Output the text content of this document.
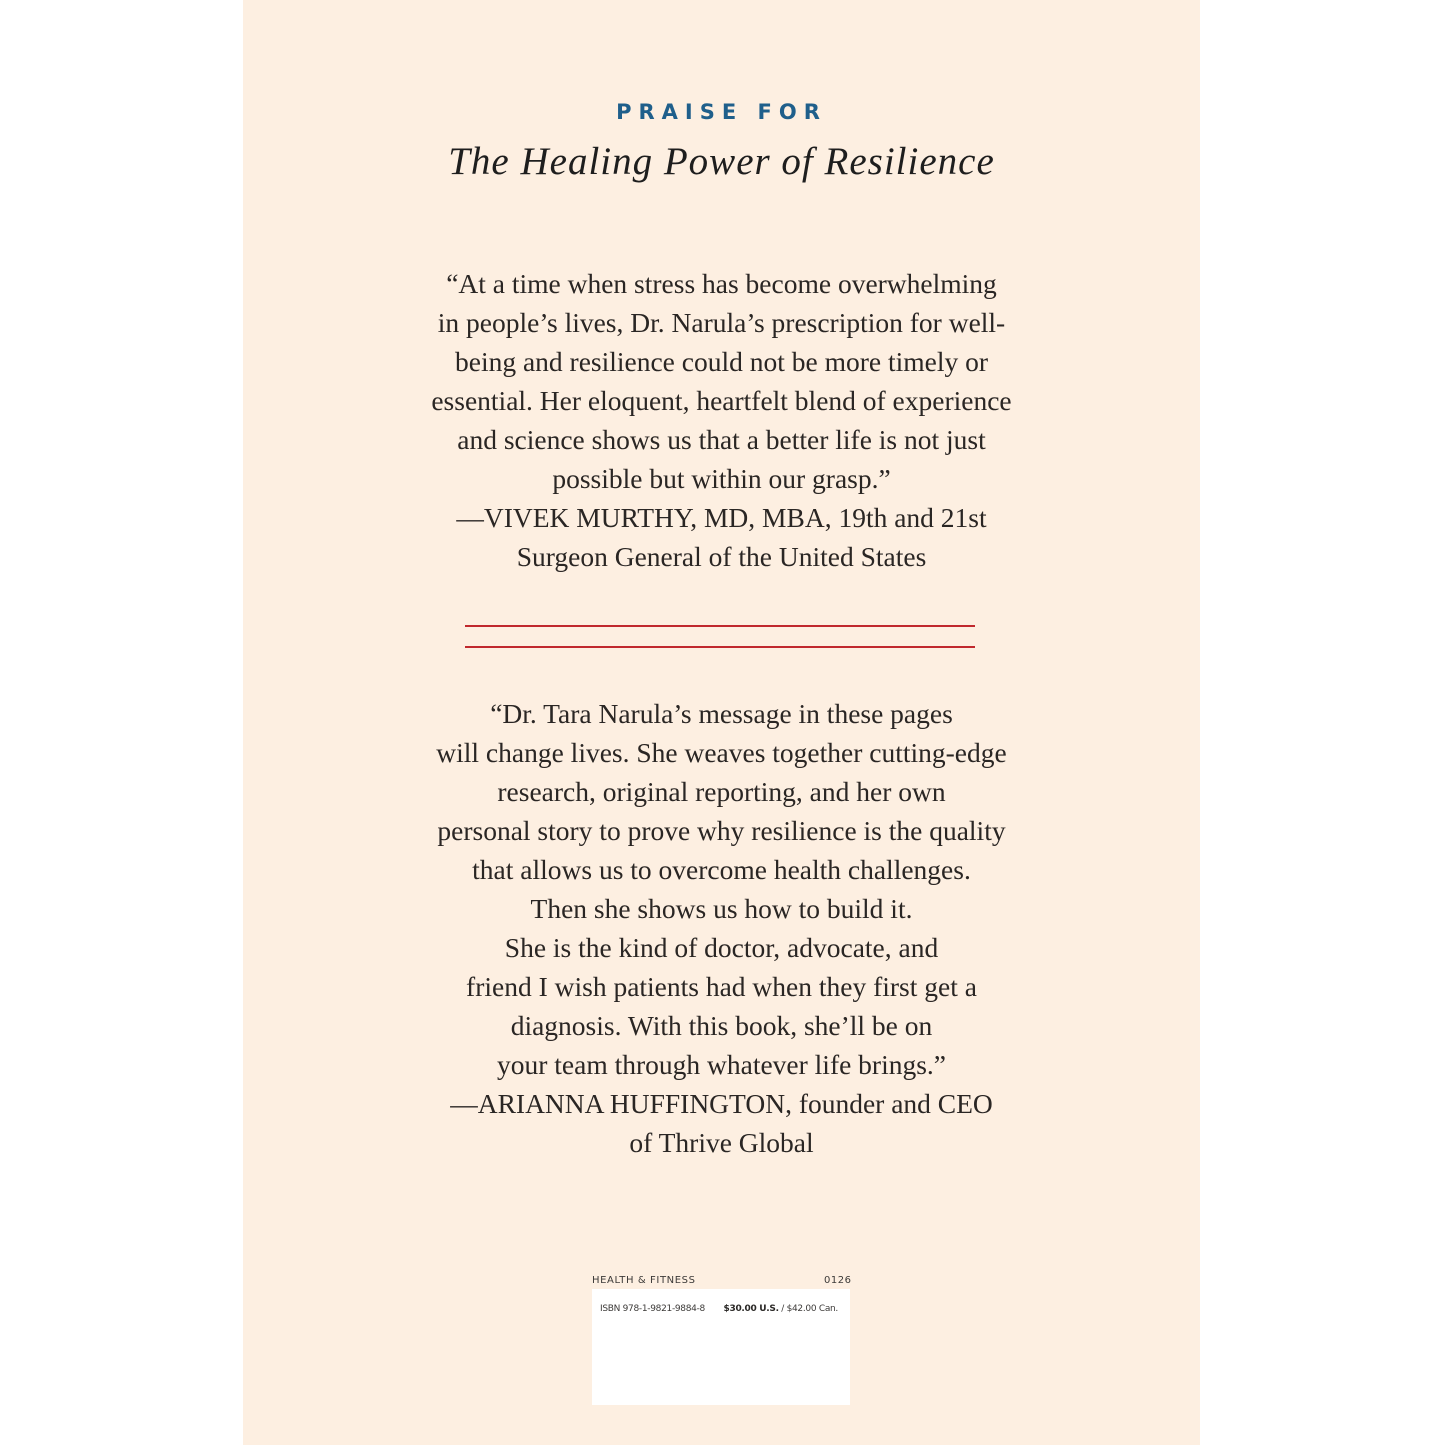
PRAISE FOR
The Healing Power of Resilience
“At a time when stress has become overwhelming
in people’s lives, Dr. Narula’s prescription for well-
being and resilience could not be more timely or
essential. Her eloquent, heartfelt blend of experience
and science shows us that a better life is not just
possible but within our grasp.”
—VIVEK MURTHY, MD, MBA, 19th and 21st
Surgeon General of the United States
“Dr. Tara Narula’s message in these pages
will change lives. She weaves together cutting-edge
research, original reporting, and her own
personal story to prove why resilience is the quality
that allows us to overcome health challenges.
Then she shows us how to build it.
She is the kind of doctor, advocate, and
friend I wish patients had when they first get a
diagnosis. With this book, she’ll be on
your team through whatever life brings.”
—ARIANNA HUFFINGTON, founder and CEO
of Thrive Global
HEALTH & FITNESS	0126
ISBN 978-1-9821-9884-8 $30.00 U.S. / $42.00 Can.
